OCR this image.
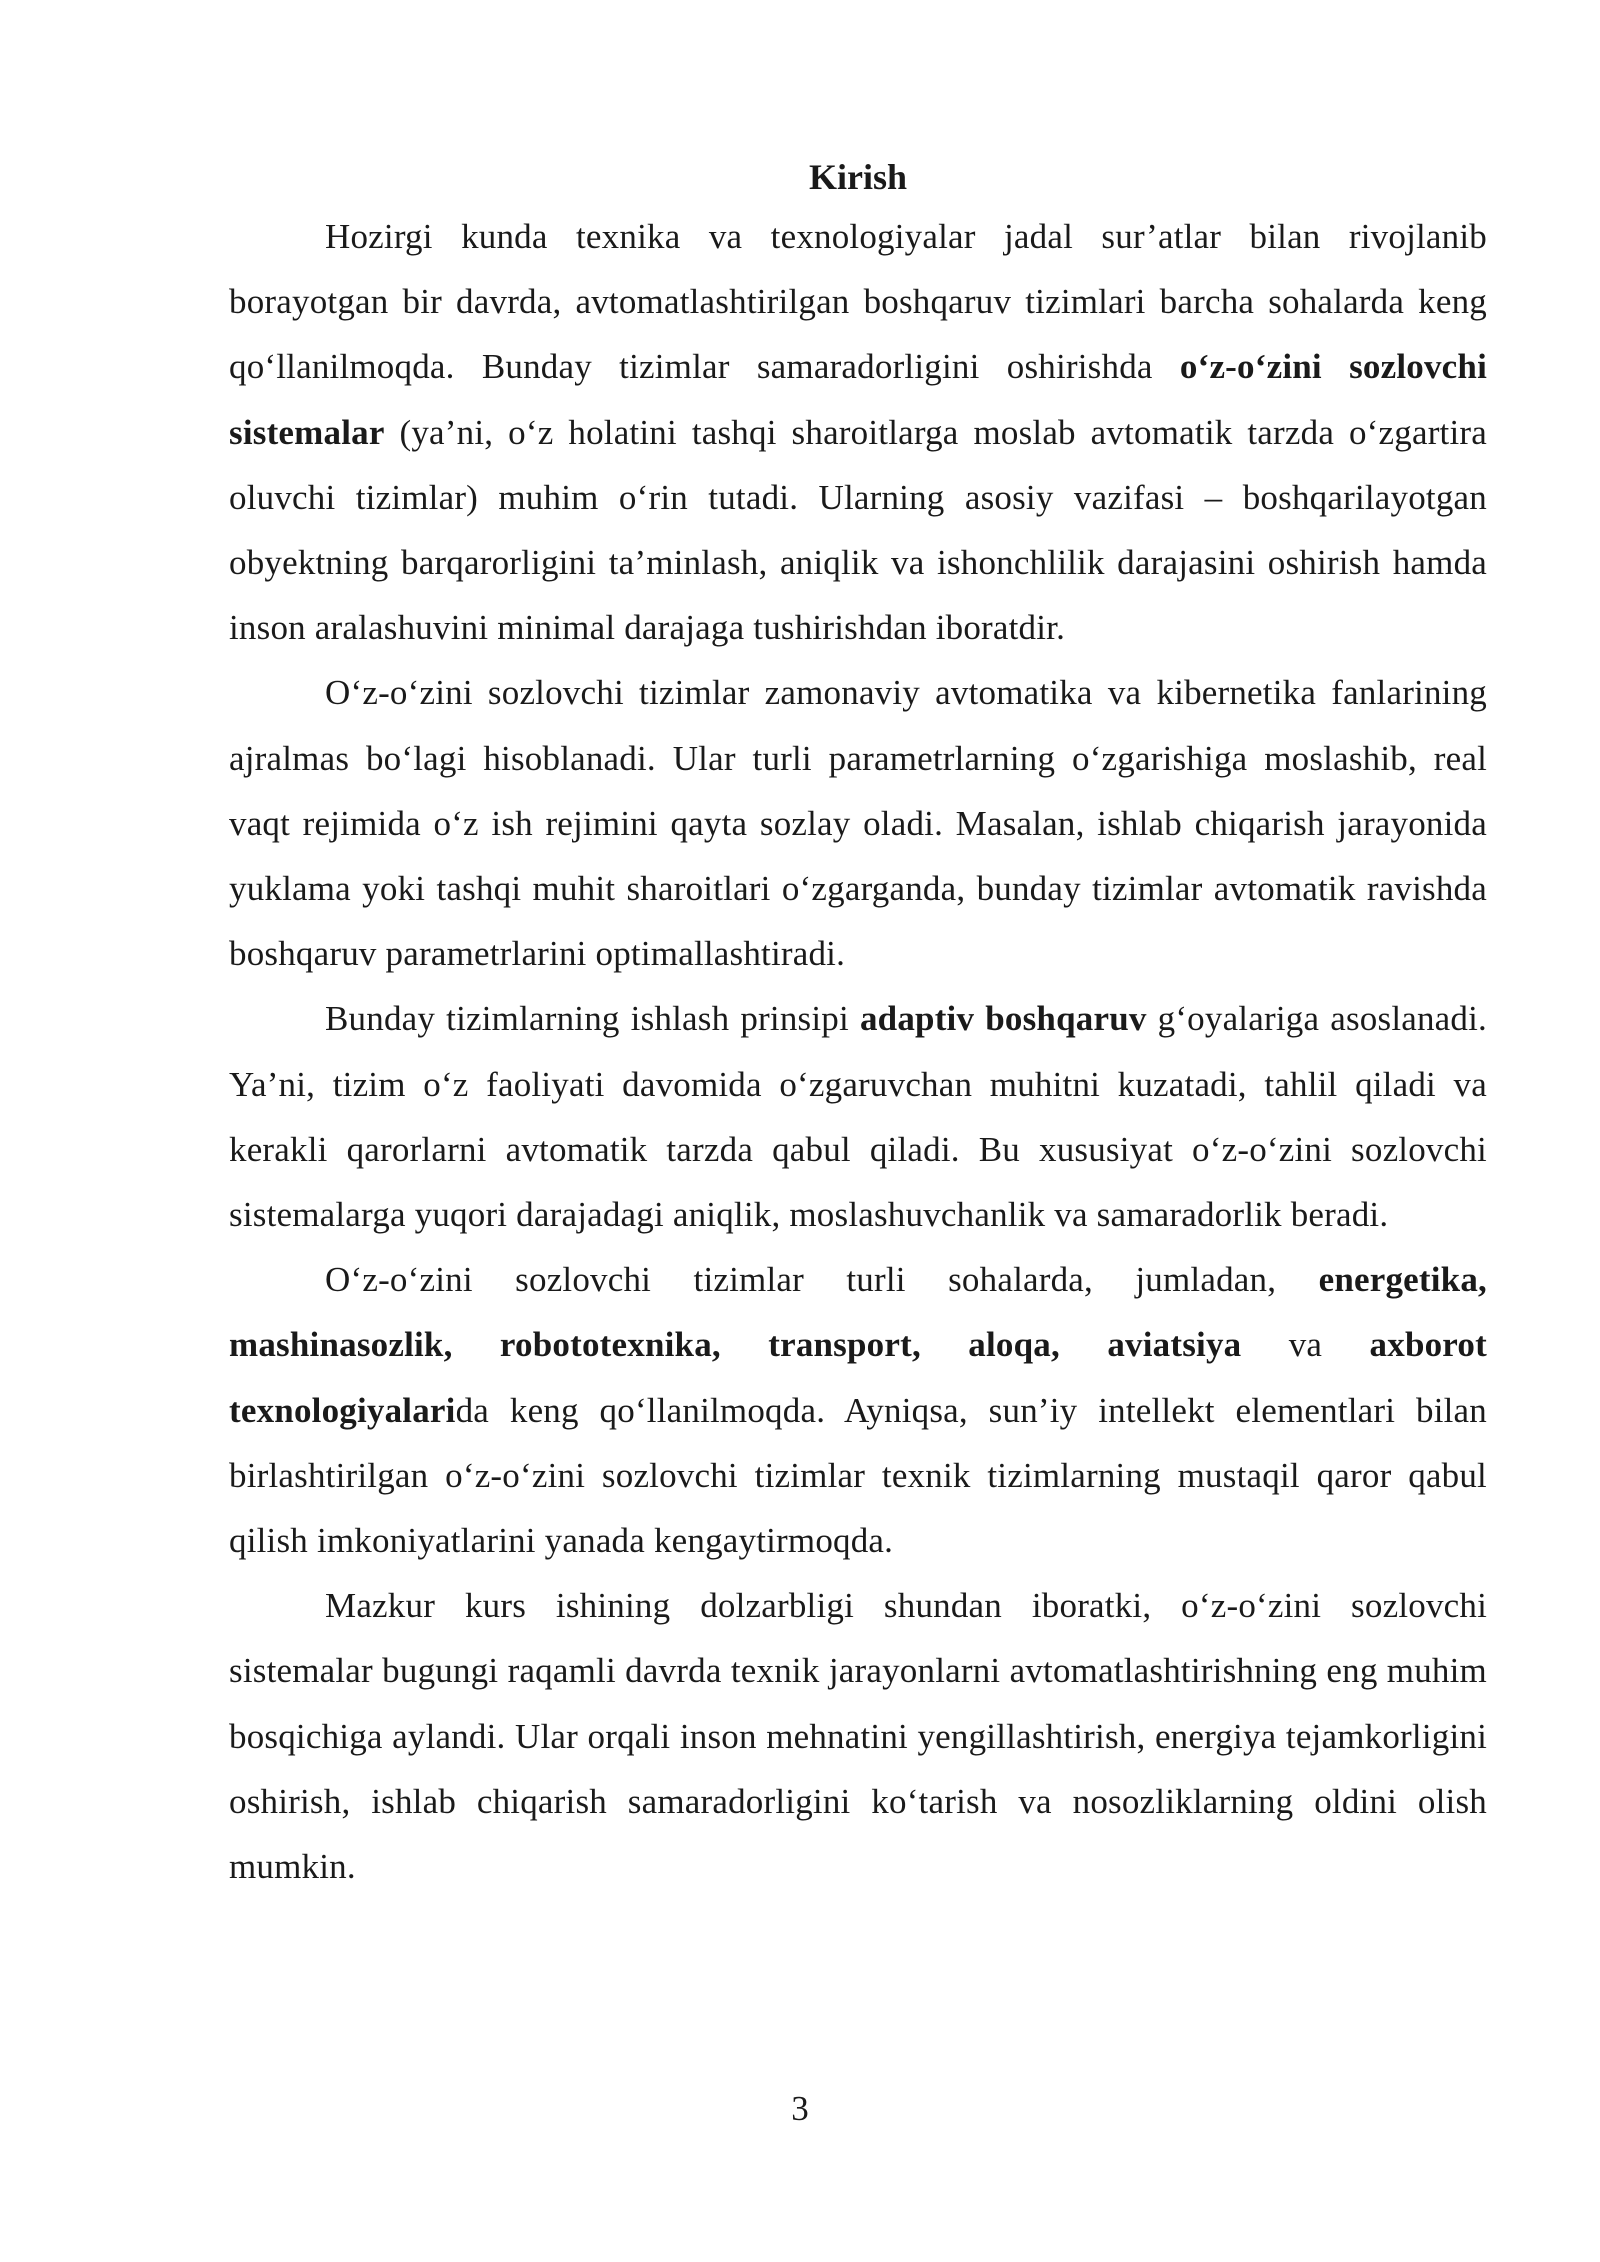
Kirish

Hozirgi kunda texnika va texnologiyalar jadal sur’atlar bilan rivojlanib borayotgan bir davrda, avtomatlashtirilgan boshqaruv tizimlari barcha sohalarda keng qo‘llanilmoqda. Bunday tizimlar samaradorligini oshirishda o‘z-o‘zini sozlovchi sistemalar (ya’ni, o‘z holatini tashqi sharoitlarga moslab avtomatik tarzda o‘zgartira oluvchi tizimlar) muhim o‘rin tutadi. Ularning asosiy vazifasi – boshqarilayotgan obyektning barqarorligini ta’minlash, aniqlik va ishonchlilik darajasini oshirish hamda inson aralashuvini minimal darajaga tushirishdan iboratdir.

O‘z-o‘zini sozlovchi tizimlar zamonaviy avtomatika va kibernetika fanlarining ajralmas bo‘lagi hisoblanadi. Ular turli parametrlarning o‘zgarishiga moslashib, real vaqt rejimida o‘z ish rejimini qayta sozlay oladi. Masalan, ishlab chiqarish jarayonida yuklama yoki tashqi muhit sharoitlari o‘zgarganda, bunday tizimlar avtomatik ravishda boshqaruv parametrlarini optimallashtiradi.

Bunday tizimlarning ishlash prinsipi adaptiv boshqaruv g‘oyalariga asoslanadi. Ya’ni, tizim o‘z faoliyati davomida o‘zgaruvchan muhitni kuzatadi, tahlil qiladi va kerakli qarorlarni avtomatik tarzda qabul qiladi. Bu xususiyat o‘z-o‘zini sozlovchi sistemalarga yuqori darajadagi aniqlik, moslashuvchanlik va samaradorlik beradi.

O‘z-o‘zini sozlovchi tizimlar turli sohalarda, jumladan, energetika, mashinasozlik, robototexnika, transport, aloqa, aviatsiya va axborot texnologiyalarida keng qo‘llanilmoqda. Ayniqsa, sun’iy intellekt elementlari bilan birlashtirilgan o‘z-o‘zini sozlovchi tizimlar texnik tizimlarning mustaqil qaror qabul qilish imkoniyatlarini yanada kengaytirmoqda.

Mazkur kurs ishining dolzarbligi shundan iboratki, o‘z-o‘zini sozlovchi sistemalar bugungi raqamli davrda texnik jarayonlarni avtomatlashtirishning eng muhim bosqichiga aylandi. Ular orqali inson mehnatini yengillashtirish, energiya tejamkorligini oshirish, ishlab chiqarish samaradorligini ko‘tarish va nosozliklarning oldini olish mumkin.

3
